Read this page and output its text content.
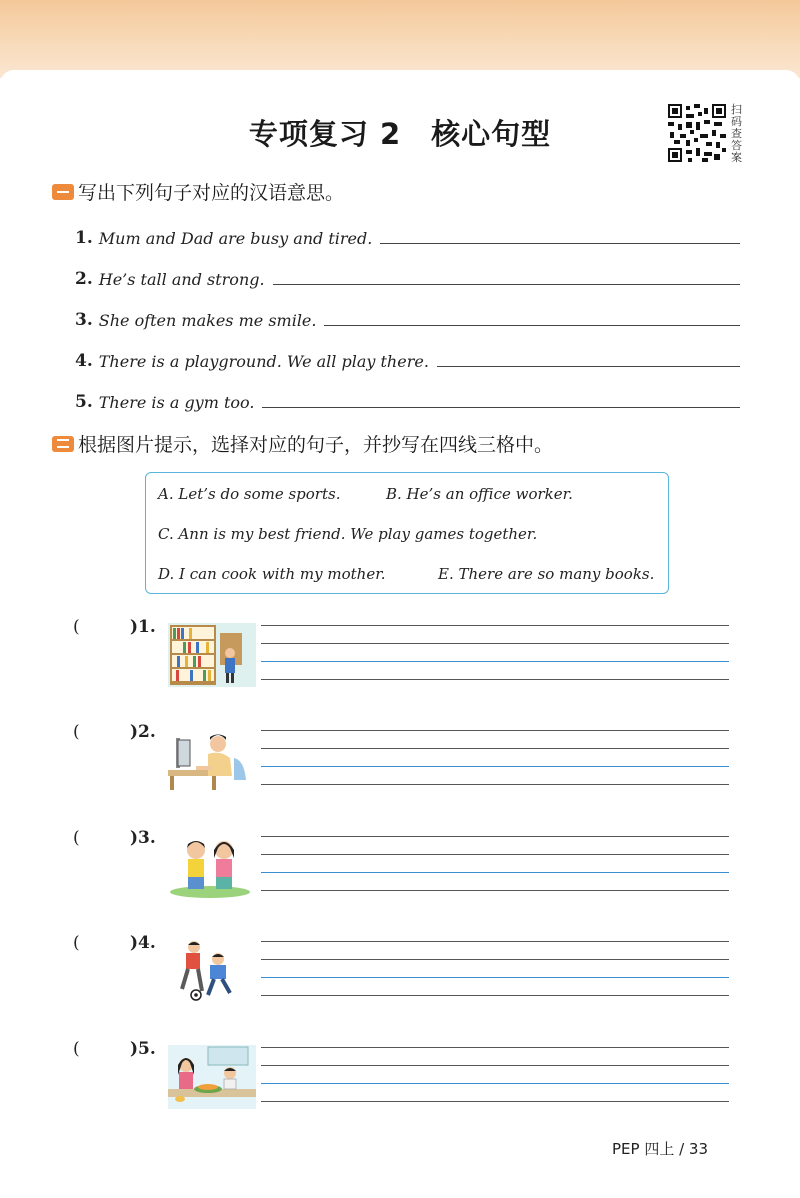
专项复习 2　核心句型
扫
码
查
答
案
写出下列句子对应的汉语意思。
1. Mum and Dad are busy and tired.
2. He’s tall and strong.
3. She often makes me smile.
4. There is a playground. We all play there.
5. There is a gym too.
根据图片提示，选择对应的句子，并抄写在四线三格中。
A. Let’s do some sports.	B. He’s an office worker.
C. Ann is my best friend. We play games together.
D. I can cook with my mother.	E. There are so many books.
(	)1.
(	)2.
(	)3.
(	)4.
(	)5.
PEP 四上 / 33
